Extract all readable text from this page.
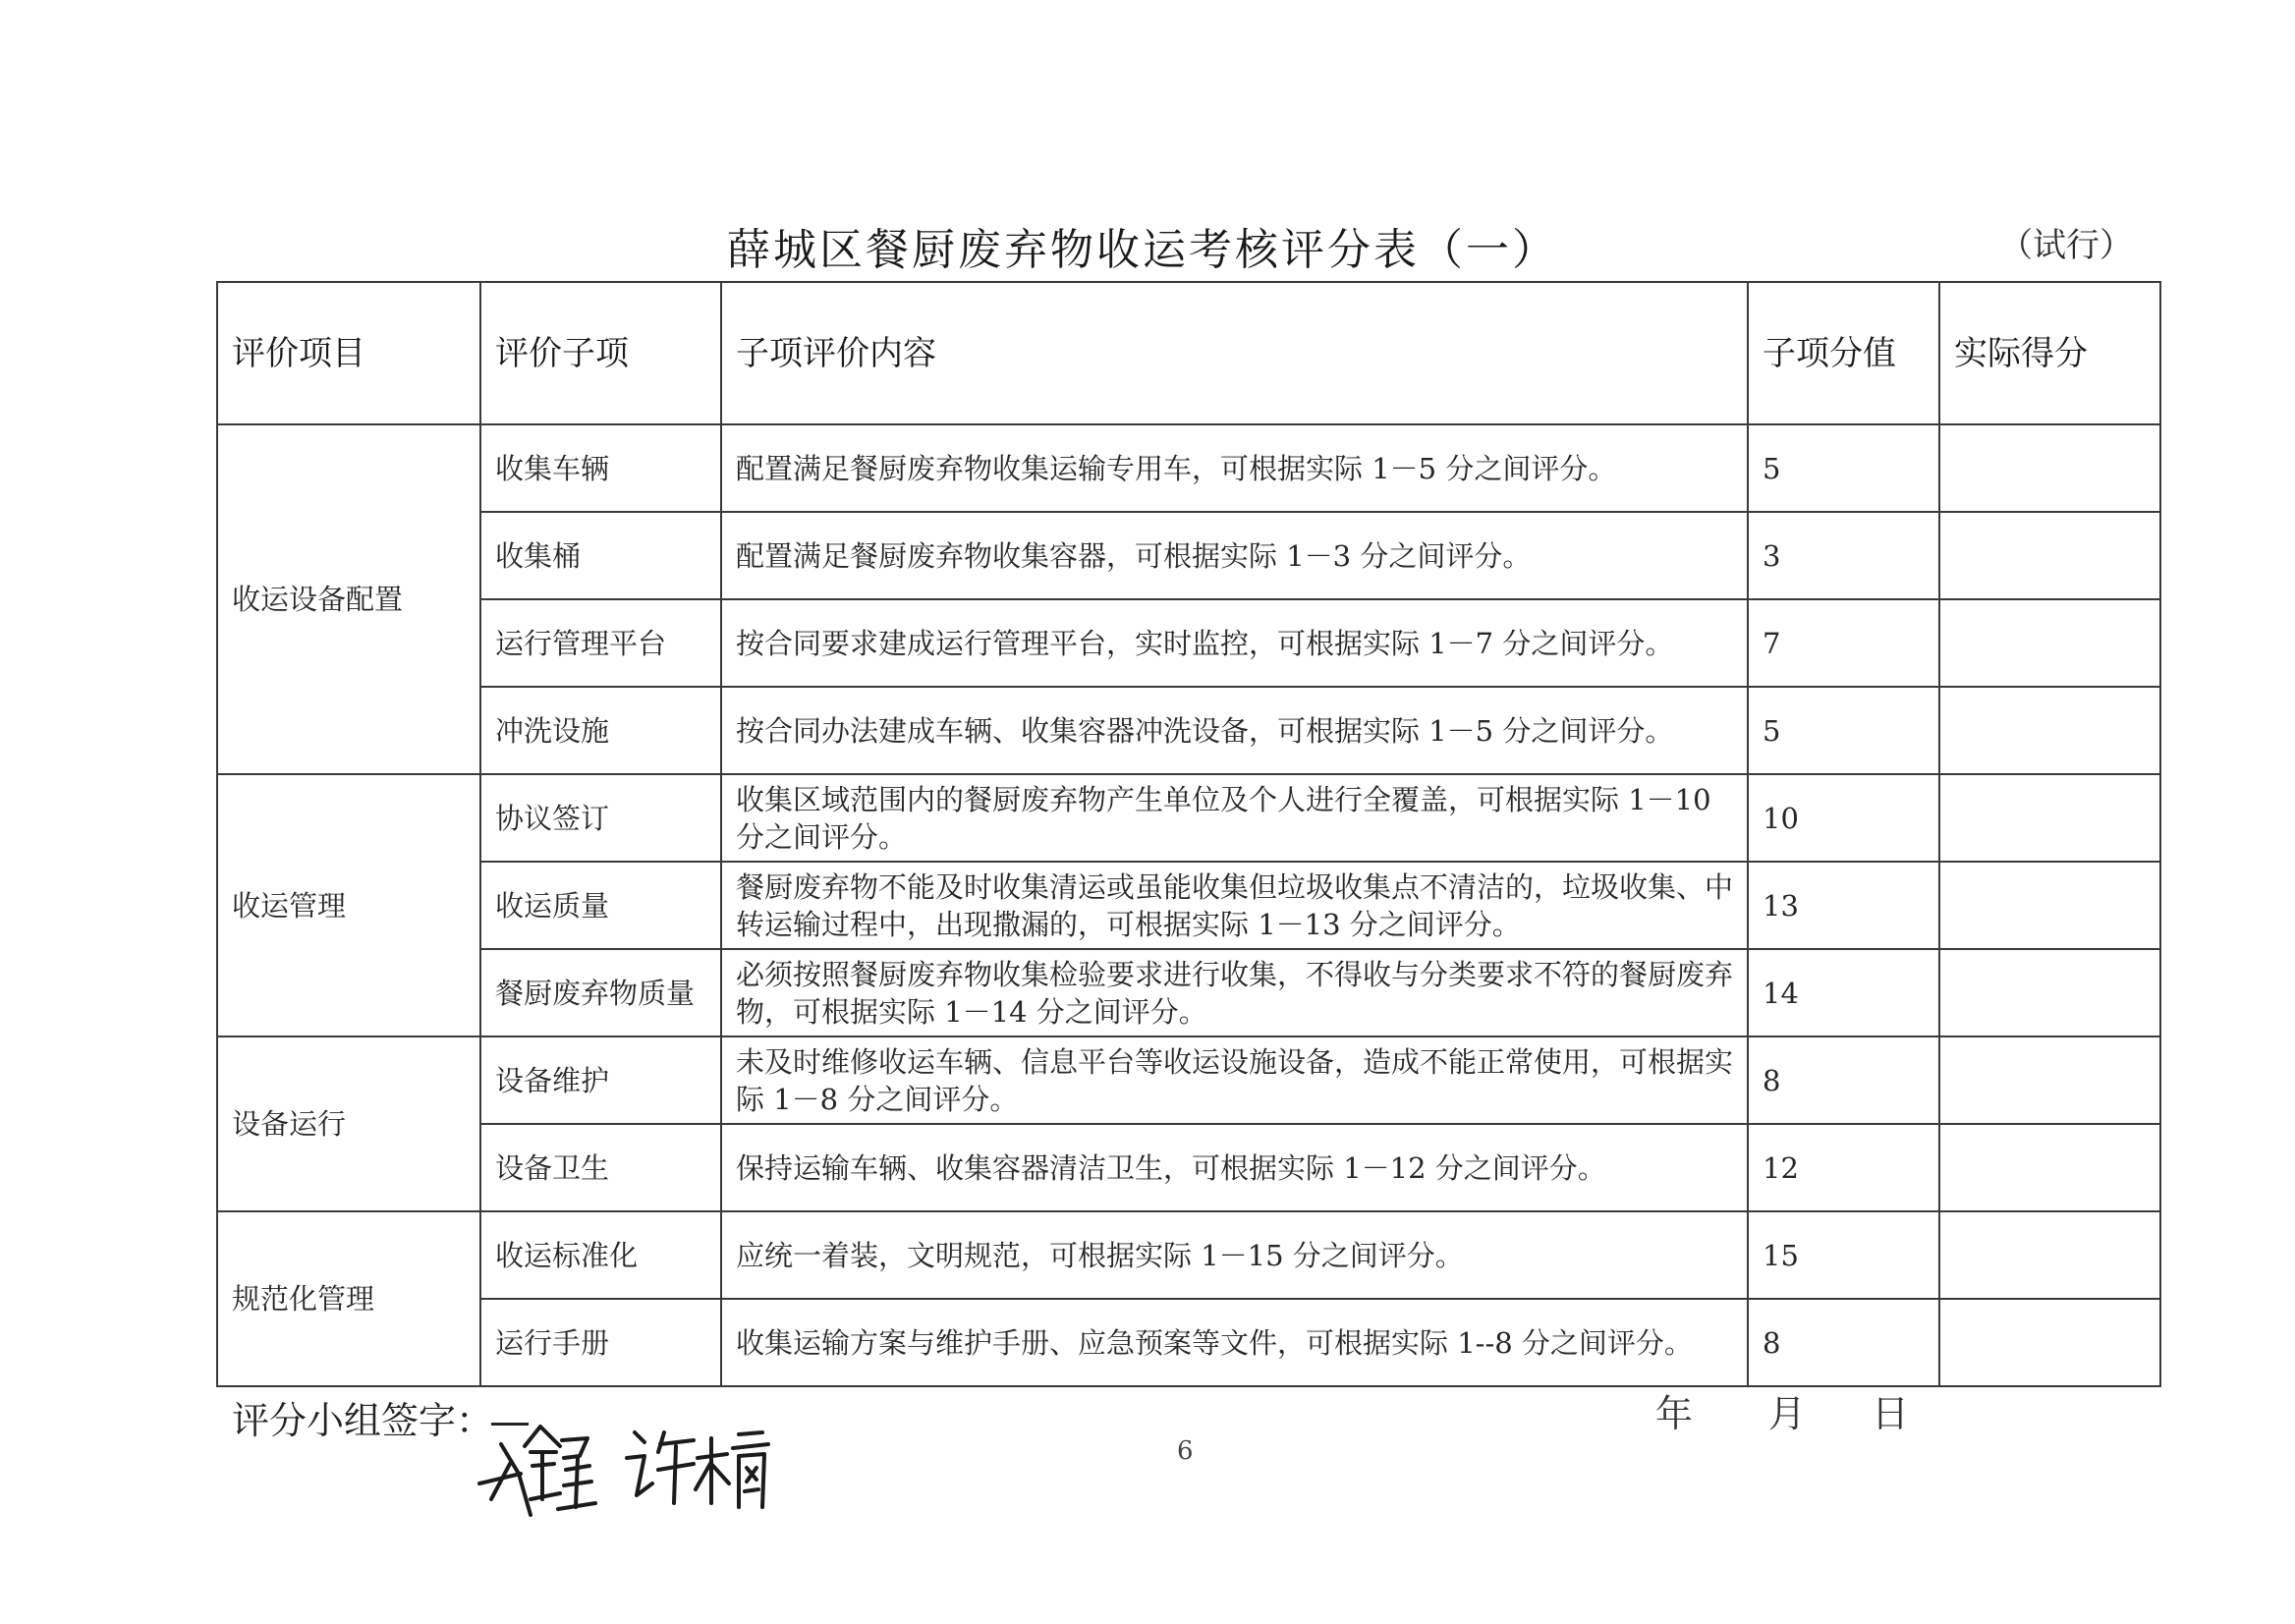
薛城区餐厨废弃物收运考核评分表（一）	（试行）
评价项目	评价子项	子项评价内容	子项分值	实际得分
收运设备配置	收集车辆	配置满足餐厨废弃物收集运输专用车，可根据实际 1－5 分之间评分。	5	
	收集桶	配置满足餐厨废弃物收集容器，可根据实际 1－3 分之间评分。	3	
	运行管理平台	按合同要求建成运行管理平台，实时监控，可根据实际 1－7 分之间评分。	7	
	冲洗设施	按合同办法建成车辆、收集容器冲洗设备，可根据实际 1－5 分之间评分。	5	
收运管理	协议签订	收集区域范围内的餐厨废弃物产生单位及个人进行全覆盖，可根据实际 1－10 分之间评分。	10	
	收运质量	餐厨废弃物不能及时收集清运或虽能收集但垃圾收集点不清洁的，垃圾收集、中转运输过程中，出现撒漏的，可根据实际 1－13 分之间评分。	13	
	餐厨废弃物质量	必须按照餐厨废弃物收集检验要求进行收集，不得收与分类要求不符的餐厨废弃物，可根据实际 1－14 分之间评分。	14	
设备运行	设备维护	未及时维修收运车辆、信息平台等收运设施设备，造成不能正常使用，可根据实际 1－8 分之间评分。	8	
	设备卫生	保持运输车辆、收集容器清洁卫生，可根据实际 1－12 分之间评分。	12	
规范化管理	收运标准化	应统一着装，文明规范，可根据实际 1－15 分之间评分。	15	
	运行手册	收集运输方案与维护手册、应急预案等文件，可根据实际 1--8 分之间评分。	8	
评分小组签字：	年 月 日
6
